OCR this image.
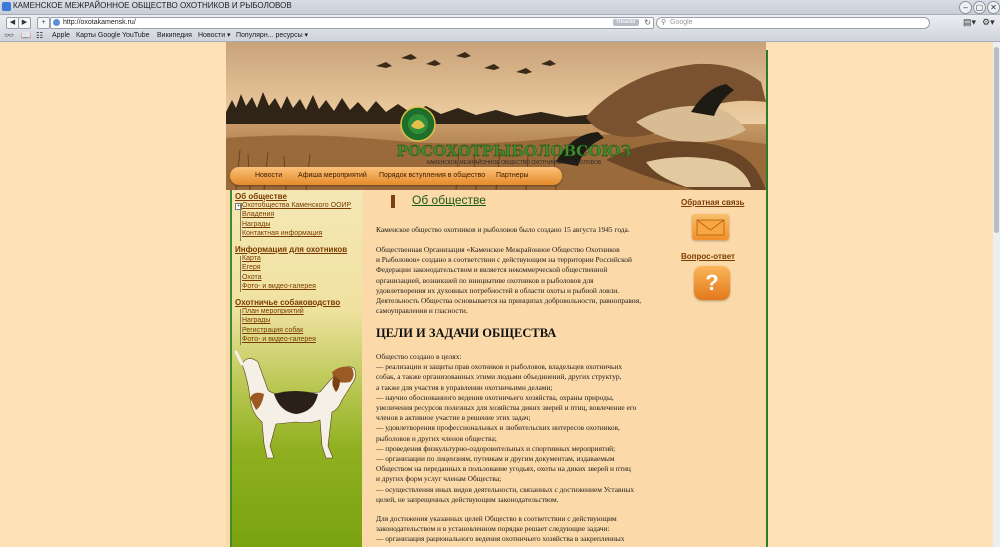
КАМЕНСКОЕ МЕЖРАЙОННОЕ ОБЩЕСТВО ОХОТНИКОВ И РЫБОЛОВОВ	–	▢ ✕
◀ ▶	+	http://oxotakamensk.ru/	Reader	↻ ⚲ Google	▤▾ ⚙▾
👓 📖 ☷ Apple Карты Google YouTube Википедия Новости ▾ Популярн... ресурсы ▾
РОСОХОТРЫБОЛОВСОЮЗ
КАМЕНСКОЕ МЕЖРАЙОННОЕ ОБЩЕСТВО ОХОТНИКОВ И РЫБОЛОВОВ
Новости Афиша мероприятий Порядок вступления в общество Партнеры
Об обществе
+ Охотобщества Каменского ООИР
Владения
Награды
Контактная информация
Информация для охотников
Карта
Егеря
Охота
Фото- и видео-галерея
Охотничье собаководство
План мероприятий
Награды
Регистрация собак
Фото- и видео-галерея
Об обществе
Каменское общество охотников и рыболовов было создано 15 августа 1945 года.
Общественная Организация «Каменское Межрайонное Общество Охотников
и Рыболовов» создано в соответствии с действующим на территории Российской
Федерации законодательством и является некоммерческой общественной
организацией, возникшей по инициативе охотников и рыболовов для
удовлетворения их духовных потребностей в области охоты и рыбной ловли.
Деятельность Общества основывается на принципах добровольности, равноправия,
самоуправления и гласности.
ЦЕЛИ И ЗАДАЧИ ОБЩЕСТВА
Общество создано в целях:
— реализации и защиты прав охотников и рыболовов, владельцев охотничьих
собак, а также организованных этими людьми объединений, других структур,
а также для участия в управлении охотничьими делами;
— научно обоснованного ведения охотничьего хозяйства, охраны природы,
увеличения ресурсов полезных для хозяйства диких зверей и птиц, вовлечение его
членов в активное участие в решение этих задач;
— удовлетворения профессиональных и любительских интересов охотников,
рыболовов и других членов общества;
— проведения физкультурно-оздоровительных и спортивных мероприятий;
— организации по лицензиям, путевкам и другим документам, издаваемым
Обществом на переданных в пользование угодьях, охоты на диких зверей и птиц
и других форм услуг членам Общества;
— осуществления иных видов деятельности, связанных с достижением Уставных
целей, не запрещенных действующим законодательством.
Для достижения указанных целей Общество в соответствии с действующим
законодательством и в установленном порядке решает следующие задачи:
— организация рационального ведения охотничьего хозяйства в закрепленных
Обратная связь
Вопрос-ответ
?
